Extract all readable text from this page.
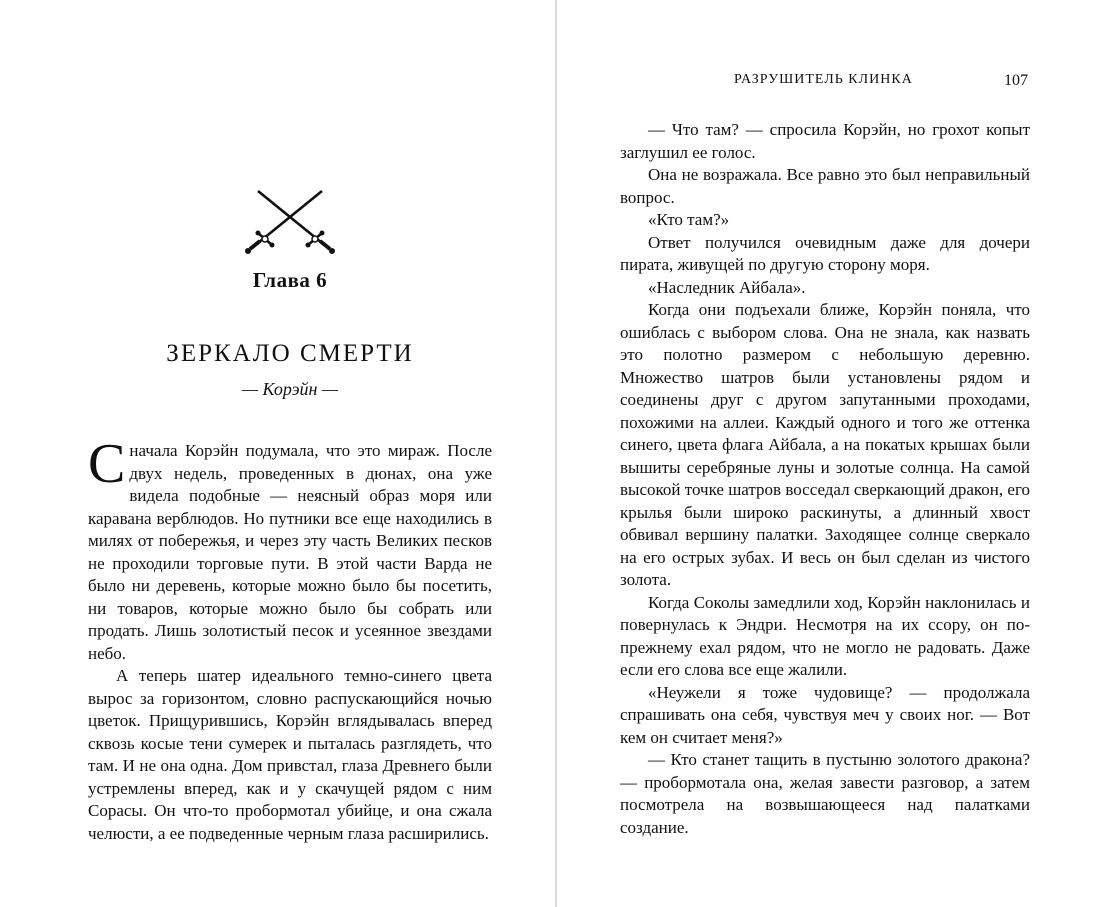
Глава 6
ЗЕРКАЛО СМЕРТИ
— Корэйн —

Сначала Корэйн подумала, что это мираж. После двух недель, проведенных в дюнах, она уже видела подобные — неясный образ моря или каравана верблюдов. Но путники все еще находились в милях от побережья, и через эту часть Великих песков не проходили торговые пути. В этой части Варда не было ни деревень, которые можно было бы посетить, ни товаров, которые можно было бы собрать или продать. Лишь золотистый песок и усеянное звездами небо.

А теперь шатер идеального темно-синего цвета вырос за горизонтом, словно распускающийся ночью цветок. Прищурившись, Корэйн вглядывалась вперед сквозь косые тени сумерек и пыталась разглядеть, что там. И не она одна. Дом привстал, глаза Древнего были устремлены вперед, как и у скачущей рядом с ним Сорасы. Он что-то пробормотал убийце, и она сжала челюсти, а ее подведенные черным глаза расширились.

РАЗРУШИТЕЛЬ КЛИНКА	107

— Что там? — спросила Корэйн, но грохот копыт заглушил ее голос.

Она не возражала. Все равно это был неправильный вопрос.

«Кто там?»

Ответ получился очевидным даже для дочери пирата, живущей по другую сторону моря.

«Наследник Айбала».

Когда они подъехали ближе, Корэйн поняла, что ошиблась с выбором слова. Она не знала, как назвать это полотно размером с небольшую деревню. Множество шатров были установлены рядом и соединены друг с другом запутанными проходами, похожими на аллеи. Каждый одного и того же оттенка синего, цвета флага Айбала, а на покатых крышах были вышиты серебряные луны и золотые солнца. На самой высокой точке шатров восседал сверкающий дракон, его крылья были широко раскинуты, а длинный хвост обвивал вершину палатки. Заходящее солнце сверкало на его острых зубах. И весь он был сделан из чистого золота.

Когда Соколы замедлили ход, Корэйн наклонилась и повернулась к Эндри. Несмотря на их ссору, он по-прежнему ехал рядом, что не могло не радовать. Даже если его слова все еще жалили.

«Неужели я тоже чудовище? — продолжала спрашивать она себя, чувствуя меч у своих ног. — Вот кем он считает меня?»

— Кто станет тащить в пустыню золотого дракона? — пробормотала она, желая завести разговор, а затем посмотрела на возвышающееся над палатками создание.
